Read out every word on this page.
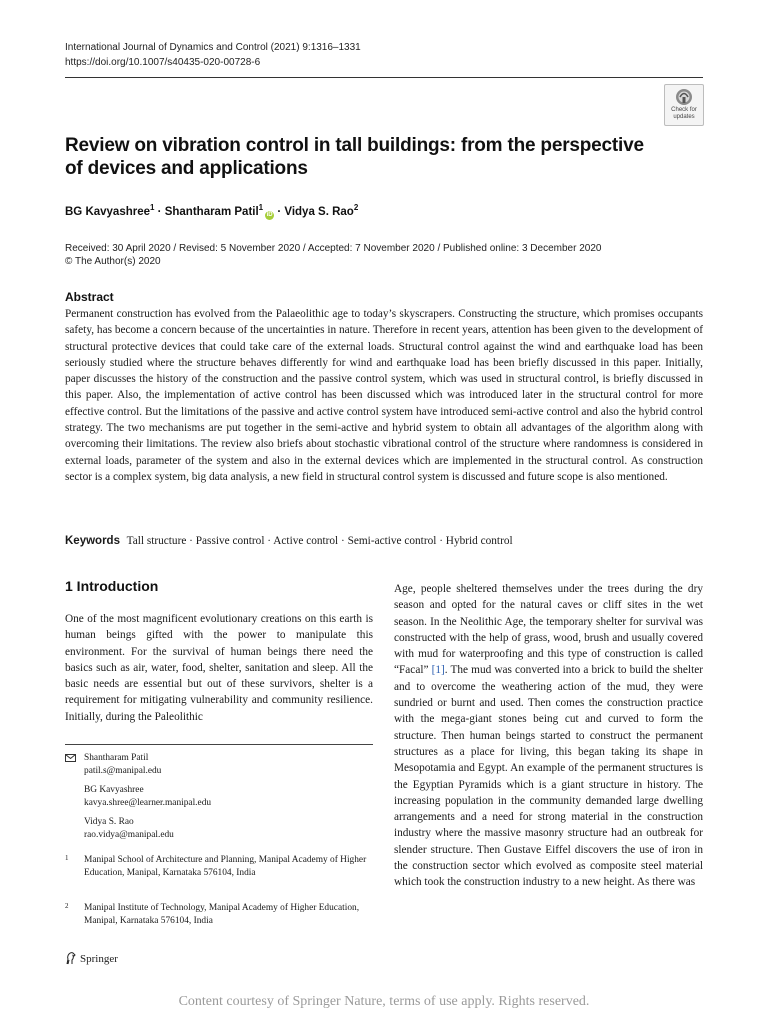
International Journal of Dynamics and Control (2021) 9:1316–1331
https://doi.org/10.1007/s40435-020-00728-6
Check for
updates
Review on vibration control in tall buildings: from the perspective
of devices and applications
BG Kavyashree$^1$ · Shantharam Patil$^1$iD · Vidya S. Rao$^2$
Received: 30 April 2020 / Revised: 5 November 2020 / Accepted: 7 November 2020 / Published online: 3 December 2020
© The Author(s) 2020
Abstract
Permanent construction has evolved from the Palaeolithic age to today’s skyscrapers. Constructing the structure, which promises occupants safety, has become a concern because of the uncertainties in nature. Therefore in recent years, attention has been given to the development of structural protective devices that could take care of the external loads. Structural control against the wind and earthquake load has been seriously studied where the structure behaves differently for wind and earthquake load has been briefly discussed in this paper. Initially, paper discusses the history of the construction and the passive control system, which was used in structural control, is briefly discussed in this paper. Also, the implementation of active control has been discussed which was introduced later in the structural control for more effective control. But the limitations of the passive and active control system have introduced semi-active control and also the hybrid control strategy. The two mechanisms are put together in the semi-active and hybrid system to obtain all advantages of the algorithm along with overcoming their limitations. The review also briefs about stochastic vibrational control of the structure where randomness is considered in external loads, parameter of the system and also in the external devices which are implemented in the structural control. As construction sector is a complex system, big data analysis, a new field in structural control system is discussed and future scope is also mentioned.
Keywords Tall structure · Passive control · Active control · Semi-active control · Hybrid control
1 Introduction
One of the most magnificent evolutionary creations on this earth is human beings gifted with the power to manipulate this environment. For the survival of human beings there need the basics such as air, water, food, shelter, sanitation and sleep. All the basic needs are essential but out of these survivors, shelter is a requirement for mitigating vulnerability and community resilience. Initially, during the Paleolithic
Age, people sheltered themselves under the trees during the dry season and opted for the natural caves or cliff sites in the wet season. In the Neolithic Age, the temporary shelter for survival was constructed with the help of grass, wood, brush and usually covered with mud for waterproofing and this type of construction is called “Facal” [1]. The mud was converted into a brick to build the shelter and to overcome the weathering action of the mud, they were sundried or burnt and used. Then comes the construction practice with the mega-giant stones being cut and curved to form the structure. Then human beings started to construct the permanent structures as a place for living, this began taking its shape in Mesopotamia and Egypt. An example of the permanent structures is the Egyptian Pyramids which is a giant structure in history. The increasing population in the community demanded large dwelling arrangements and a need for strong material in the construction industry where the massive masonry structure had an outbreak for slender structure. Then Gustave Eiffel discovers the use of iron in the construction sector which evolved as composite steel material which took the construction industry to a new height. As there was
Shantharam Patil
patil.s@manipal.edu
BG Kavyashree
kavya.shree@learner.manipal.edu
Vidya S. Rao
rao.vidya@manipal.edu
1 Manipal School of Architecture and Planning, Manipal Academy of Higher Education, Manipal, Karnataka 576104, India
2 Manipal Institute of Technology, Manipal Academy of Higher Education, Manipal, Karnataka 576104, India
Springer
Content courtesy of Springer Nature, terms of use apply. Rights reserved.
